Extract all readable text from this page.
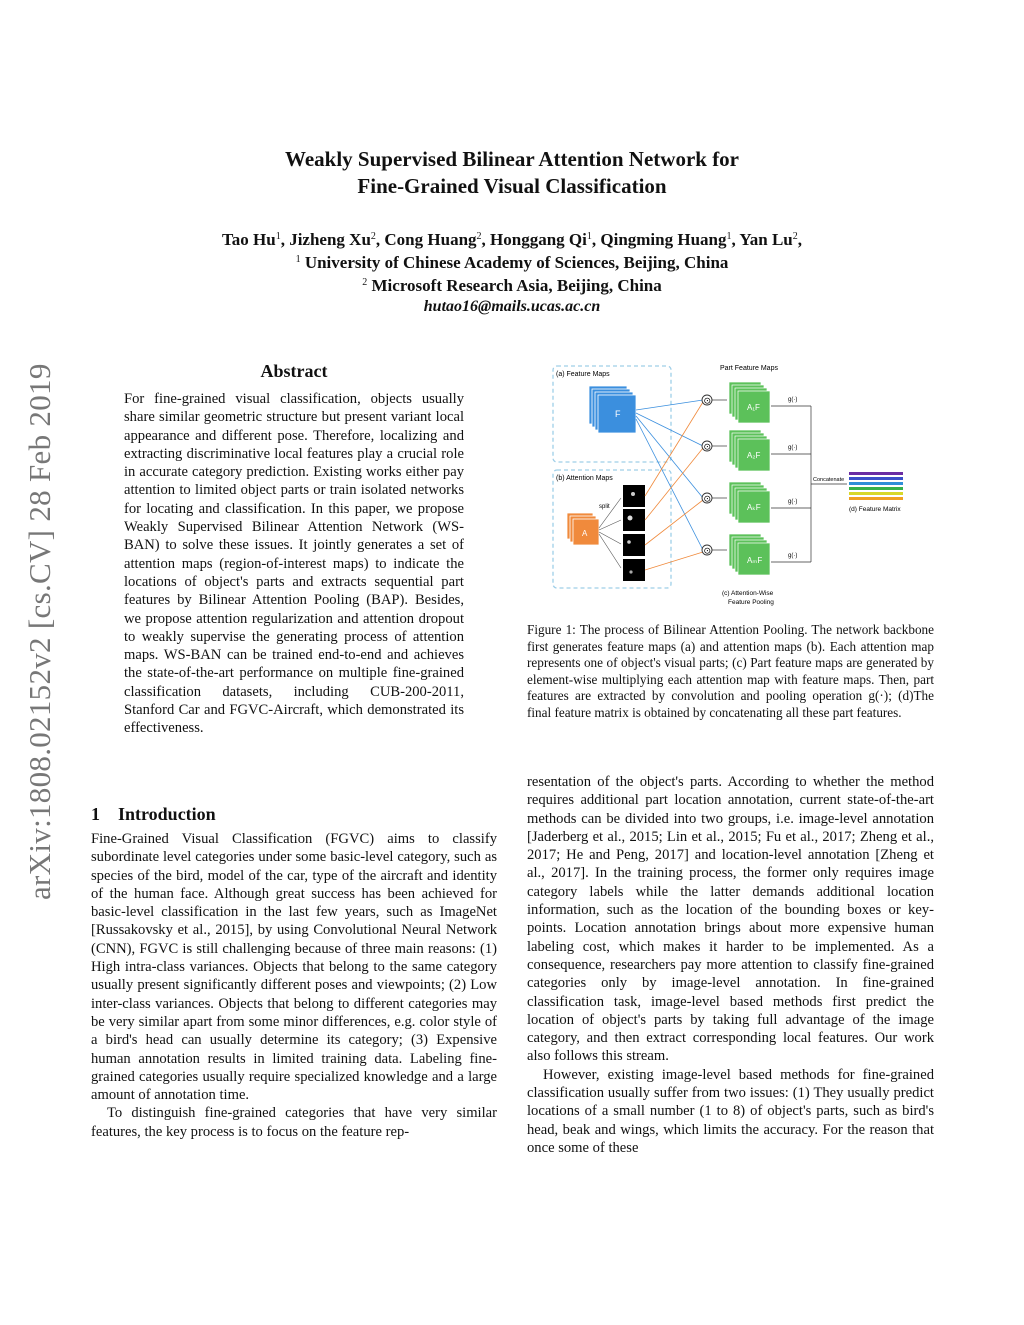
Weakly Supervised Bilinear Attention Network for
Fine-Grained Visual Classification
Tao Hu$^1$, Jizheng Xu$^2$, Cong Huang$^2$, Honggang Qi$^1$, Qingming Huang$^1$, Yan Lu$^2$,
$^1$ University of Chinese Academy of Sciences, Beijing, China
$^2$ Microsoft Research Asia, Beijing, China
hutao16@mails.ucas.ac.cn
arXiv:1808.02152v2 [cs.CV] 28 Feb 2019	Abstract
For fine-grained visual classification, objects usually share similar geometric structure but present variant local appearance and different pose. Therefore, localizing and extracting discriminative local features play a crucial role in accurate category prediction. Existing works either pay attention to limited object parts or train isolated networks for locating and classification. In this paper, we propose Weakly Supervised Bilinear Attention Network (WS-BAN) to solve these issues. It jointly generates a set of attention maps (region-of-interest maps) to indicate the locations of object's parts and extracts sequential part features by Bilinear Attention Pooling (BAP). Besides, we propose attention regularization and attention dropout to weakly supervise the generating process of attention maps. WS-BAN can be trained end-to-end and achieves the state-of-the-art performance on multiple fine-grained classification datasets, including CUB-200-2011, Stanford Car and FGVC-Aircraft, which demonstrated its effectiveness.
1 Introduction

Fine-Grained Visual Classification (FGVC) aims to classify subordinate level categories under some basic-level category, such as species of the bird, model of the car, type of the aircraft and identity of the human face. Although great success has been achieved for basic-level classification in the last few years, such as ImageNet [Russakovsky et al., 2015], by using Convolutional Neural Network (CNN), FGVC is still challenging because of three main reasons: (1) High intra-class variances. Objects that belong to the same category usually present significantly different poses and viewpoints; (2) Low inter-class variances. Objects that belong to different categories may be very similar apart from some minor differences, e.g. color style of a bird's head can usually determine its category; (3) Expensive human annotation results in limited training data. Labeling fine-grained categories usually require specialized knowledge and a large amount of annotation time.

To distinguish fine-grained categories that have very similar features, the key process is to focus on the feature rep-

resentation of the object's parts. According to whether the method requires additional part location annotation, current state-of-the-art methods can be divided into two groups, i.e. image-level annotation [Jaderberg et al., 2015; Lin et al., 2015; Fu et al., 2017; Zheng et al., 2017; He and Peng, 2017] and location-level annotation [Zheng et al., 2017]. In the training process, the former only requires image category labels while the latter demands additional location information, such as the location of the bounding boxes or key-points. Location annotation brings about more expensive human labeling cost, which makes it harder to be implemented. As a consequence, researchers pay more attention to classify fine-grained categories only by image-level annotation. In fine-grained classification task, image-level based methods first predict the location of object's parts by taking full advantage of the image category, and then extract corresponding local features. Our work also follows this stream.

However, existing image-level based methods for fine-grained classification usually suffer from two issues: (1) They usually predict locations of a small number (1 to 8) of object's parts, such as bird's head, beak and wings, which limits the accuracy. For the reason that once some of these

(a) Feature Maps
(b) Attention Maps
Part Feature Maps
F
A
split
⊙
A₁F
g(·)
⊙
A₂F
g(·)
⊙
AₖF
g(·)
⊙
AₘF	g(·)
Concatenate
(d) Feature Matrix
(c) Attention-Wise
Feature Pooling
Figure 1: The process of Bilinear Attention Pooling. The network backbone first generates feature maps (a) and attention maps (b). Each attention map represents one of object's visual parts; (c) Part feature maps are generated by element-wise multiplying each attention map with feature maps. Then, part features are extracted by convolution and pooling operation g(·); (d)The final feature matrix is obtained by concatenating all these part features.
